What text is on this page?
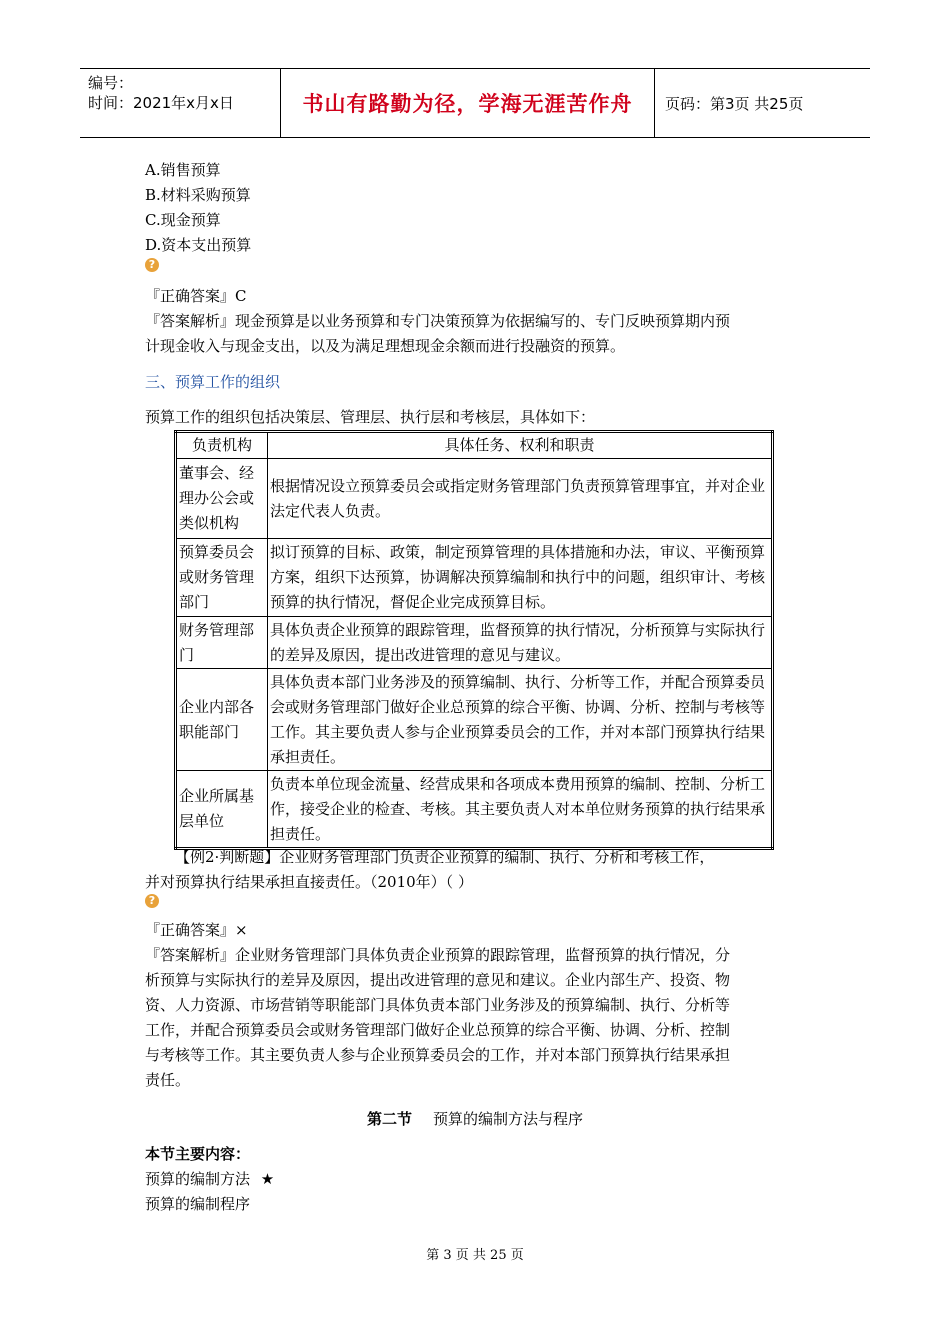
编号：
时间：2021年x月x日	书山有路勤为径，学海无涯苦作舟	页码：第3页 共25页
A.销售预算
B.材料采购预算
C.现金预算
D.资本支出预算
?
『正确答案』C
『答案解析』现金预算是以业务预算和专门决策预算为依据编写的、专门反映预算期内预
计现金收入与现金支出，以及为满足理想现金余额而进行投融资的预算。
三、预算工作的组织
预算工作的组织包括决策层、管理层、执行层和考核层，具体如下：
负责机构	具体任务、权利和职责
董事会、经理办公会或类似机构	根据情况设立预算委员会或指定财务管理部门负责预算管理事宜，并对企业法定代表人负责。
预算委员会或财务管理部门	拟订预算的目标、政策，制定预算管理的具体措施和办法，审议、平衡预算方案，组织下达预算，协调解决预算编制和执行中的问题，组织审计、考核预算的执行情况，督促企业完成预算目标。
财务管理部门	具体负责企业预算的跟踪管理，监督预算的执行情况，分析预算与实际执行的差异及原因，提出改进管理的意见与建议。
企业内部各职能部门	具体负责本部门业务涉及的预算编制、执行、分析等工作，并配合预算委员会或财务管理部门做好企业总预算的综合平衡、协调、分析、控制与考核等工作。其主要负责人参与企业预算委员会的工作，并对本部门预算执行结果承担责任。
企业所属基层单位	负责本单位现金流量、经营成果和各项成本费用预算的编制、控制、分析工作，接受企业的检查、考核。其主要负责人对本单位财务预算的执行结果承担责任。
【例2·判断题】企业财务管理部门负责企业预算的编制、执行、分析和考核工作，
并对预算执行结果承担直接责任。（2010年）（ ）
?
『正确答案』×
『答案解析』企业财务管理部门具体负责企业预算的跟踪管理，监督预算的执行情况，分
析预算与实际执行的差异及原因，提出改进管理的意见和建议。企业内部生产、投资、物
资、人力资源、市场营销等职能部门具体负责本部门业务涉及的预算编制、执行、分析等
工作，并配合预算委员会或财务管理部门做好企业总预算的综合平衡、协调、分析、控制
与考核等工作。其主要负责人参与企业预算委员会的工作，并对本部门预算执行结果承担
责任。
第二节 预算的编制方法与程序
本节主要内容：
预算的编制方法 ★
预算的编制程序
第 3 页 共 25 页
